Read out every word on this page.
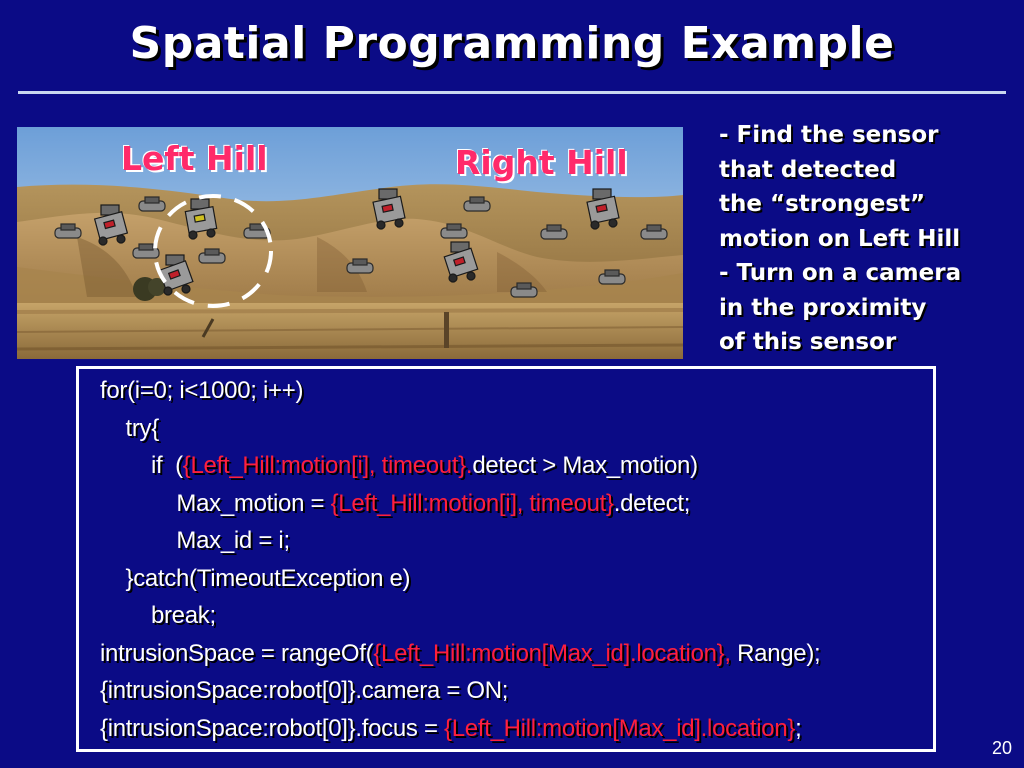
Spatial Programming Example
Left Hill	Right Hill
- Find the sensor
that detected
the “strongest”
motion on Left Hill
- Turn on a camera
in the proximity
of this sensor
for(i=0; i<1000; i++)
try{
if  ({Left_Hill:motion[i], timeout}.detect > Max_motion)
Max_motion = {Left_Hill:motion[i], timeout}.detect;
Max_id = i;
}catch(TimeoutException e)
break;
intrusionSpace = rangeOf({Left_Hill:motion[Max_id].location}, Range);
{intrusionSpace:robot[0]}.camera = ON;
{intrusionSpace:robot[0]}.focus = {Left_Hill:motion[Max_id].location};
20
